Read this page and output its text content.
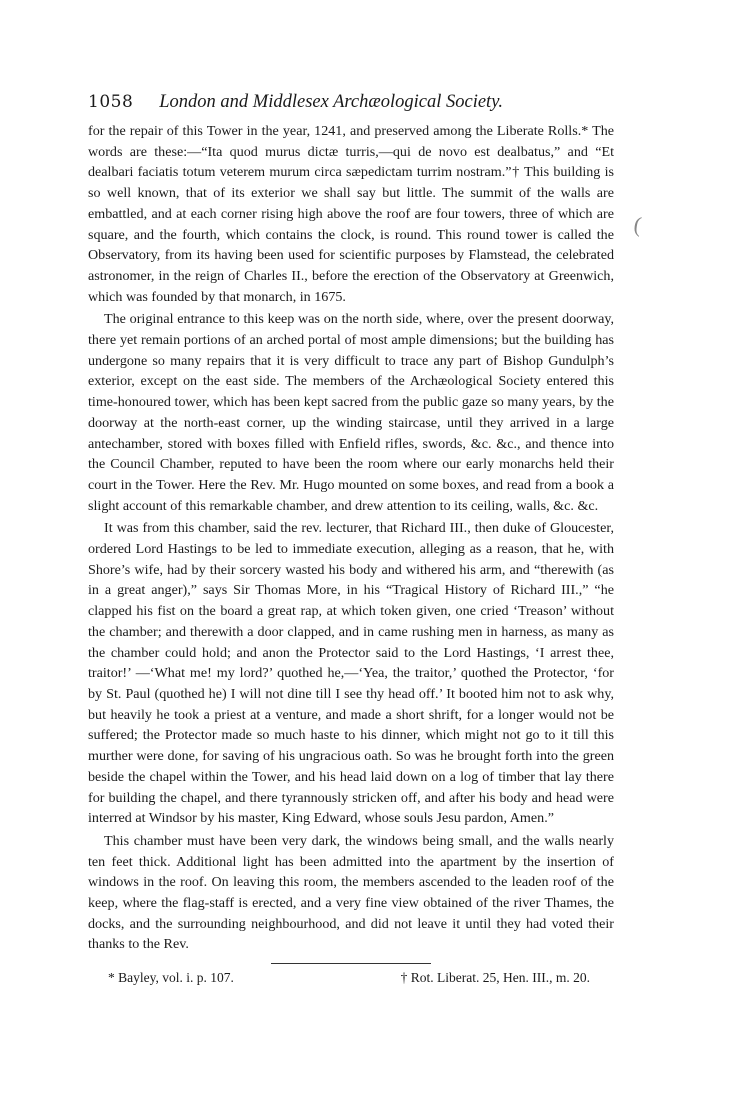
1058 London and Middlesex Archæological Society.

for the repair of this Tower in the year, 1241, and preserved among the Liberate Rolls.* The words are these:—“Ita quod murus dictæ turris,—qui de novo est dealbatus,” and “Et dealbari faciatis totum veterem murum circa sæpedictam turrim nostram.”† This building is so well known, that of its exterior we shall say but little. The summit of the walls are embattled, and at each corner rising high above the roof are four towers, three of which are square, and the fourth, which contains the clock, is round. This round tower is called the Observatory, from its having been used for scientific purposes by Flamstead, the celebrated astronomer, in the reign of Charles II., before the erection of the Observatory at Greenwich, which was founded by that monarch, in 1675.

The original entrance to this keep was on the north side, where, over the present doorway, there yet remain portions of an arched portal of most ample dimensions; but the building has undergone so many repairs that it is very difficult to trace any part of Bishop Gundulph’s exterior, except on the east side. The members of the Archæological Society entered this time-honoured tower, which has been kept sacred from the public gaze so many years, by the doorway at the north-east corner, up the winding staircase, until they arrived in a large antechamber, stored with boxes filled with Enfield rifles, swords, &c. &c., and thence into the Council Chamber, reputed to have been the room where our early monarchs held their court in the Tower. Here the Rev. Mr. Hugo mounted on some boxes, and read from a book a slight account of this remarkable chamber, and drew attention to its ceiling, walls, &c. &c.

It was from this chamber, said the rev. lecturer, that Richard III., then duke of Gloucester, ordered Lord Hastings to be led to immediate execution, alleging as a reason, that he, with Shore’s wife, had by their sorcery wasted his body and withered his arm, and “therewith (as in a great anger),” says Sir Thomas More, in his “Tragical History of Richard III.,” “he clapped his fist on the board a great rap, at which token given, one cried ‘Treason’ without the chamber; and therewith a door clapped, and in came rushing men in harness, as many as the chamber could hold; and anon the Protector said to the Lord Hastings, ‘I arrest thee, traitor!’ —‘What me! my lord?’ quothed he,—‘Yea, the traitor,’ quothed the Protector, ‘for by St. Paul (quothed he) I will not dine till I see thy head off.’ It booted him not to ask why, but heavily he took a priest at a venture, and made a short shrift, for a longer would not be suffered; the Protector made so much haste to his dinner, which might not go to it till this murther were done, for saving of his ungracious oath. So was he brought forth into the green beside the chapel within the Tower, and his head laid down on a log of timber that lay there for building the chapel, and there tyrannously stricken off, and after his body and head were interred at Windsor by his master, King Edward, whose souls Jesu pardon, Amen.”

This chamber must have been very dark, the windows being small, and the walls nearly ten feet thick. Additional light has been admitted into the apartment by the insertion of windows in the roof. On leaving this room, the members ascended to the leaden roof of the keep, where the flag-staff is erected, and a very fine view obtained of the river Thames, the docks, and the surrounding neighbourhood, and did not leave it until they had voted their thanks to the Rev.

* Bayley, vol. i. p. 107.	† Rot. Liberat. 25, Hen. III., m. 20.
(
